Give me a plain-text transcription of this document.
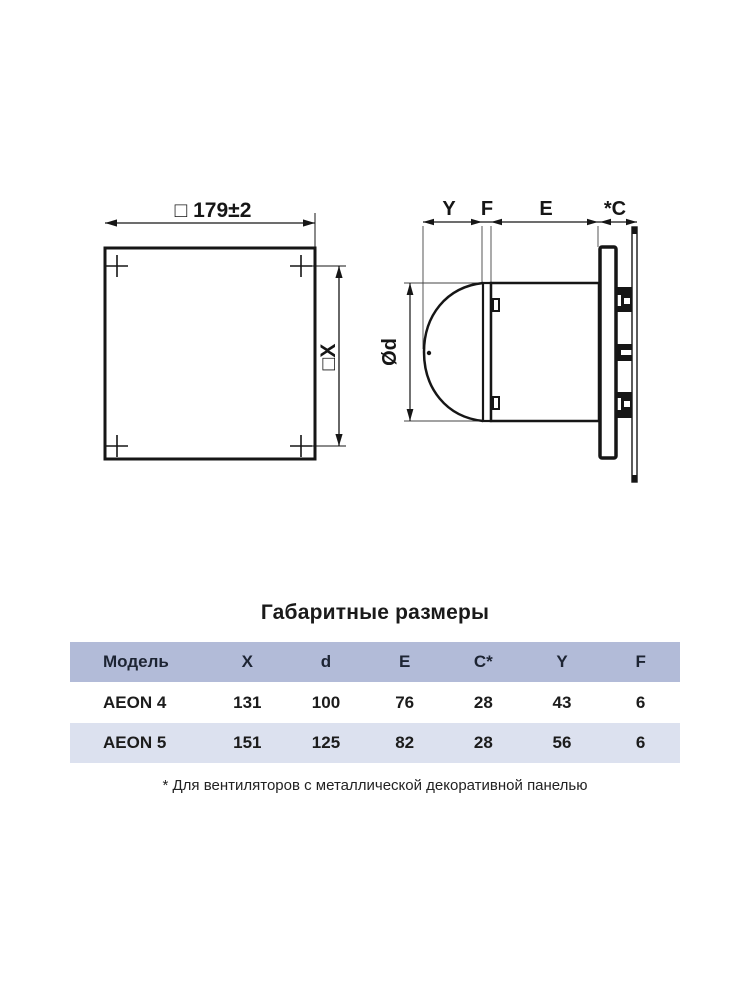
□ 179±2
□X
Y F E	*C
Ød
Габаритные размеры
Модель	X	d	E	C*	Y	F
AEON 4	131	100	76	28	43	6
AEON 5	151	125	82	28	56	6
* Для вентиляторов с металлической декоративной панелью
